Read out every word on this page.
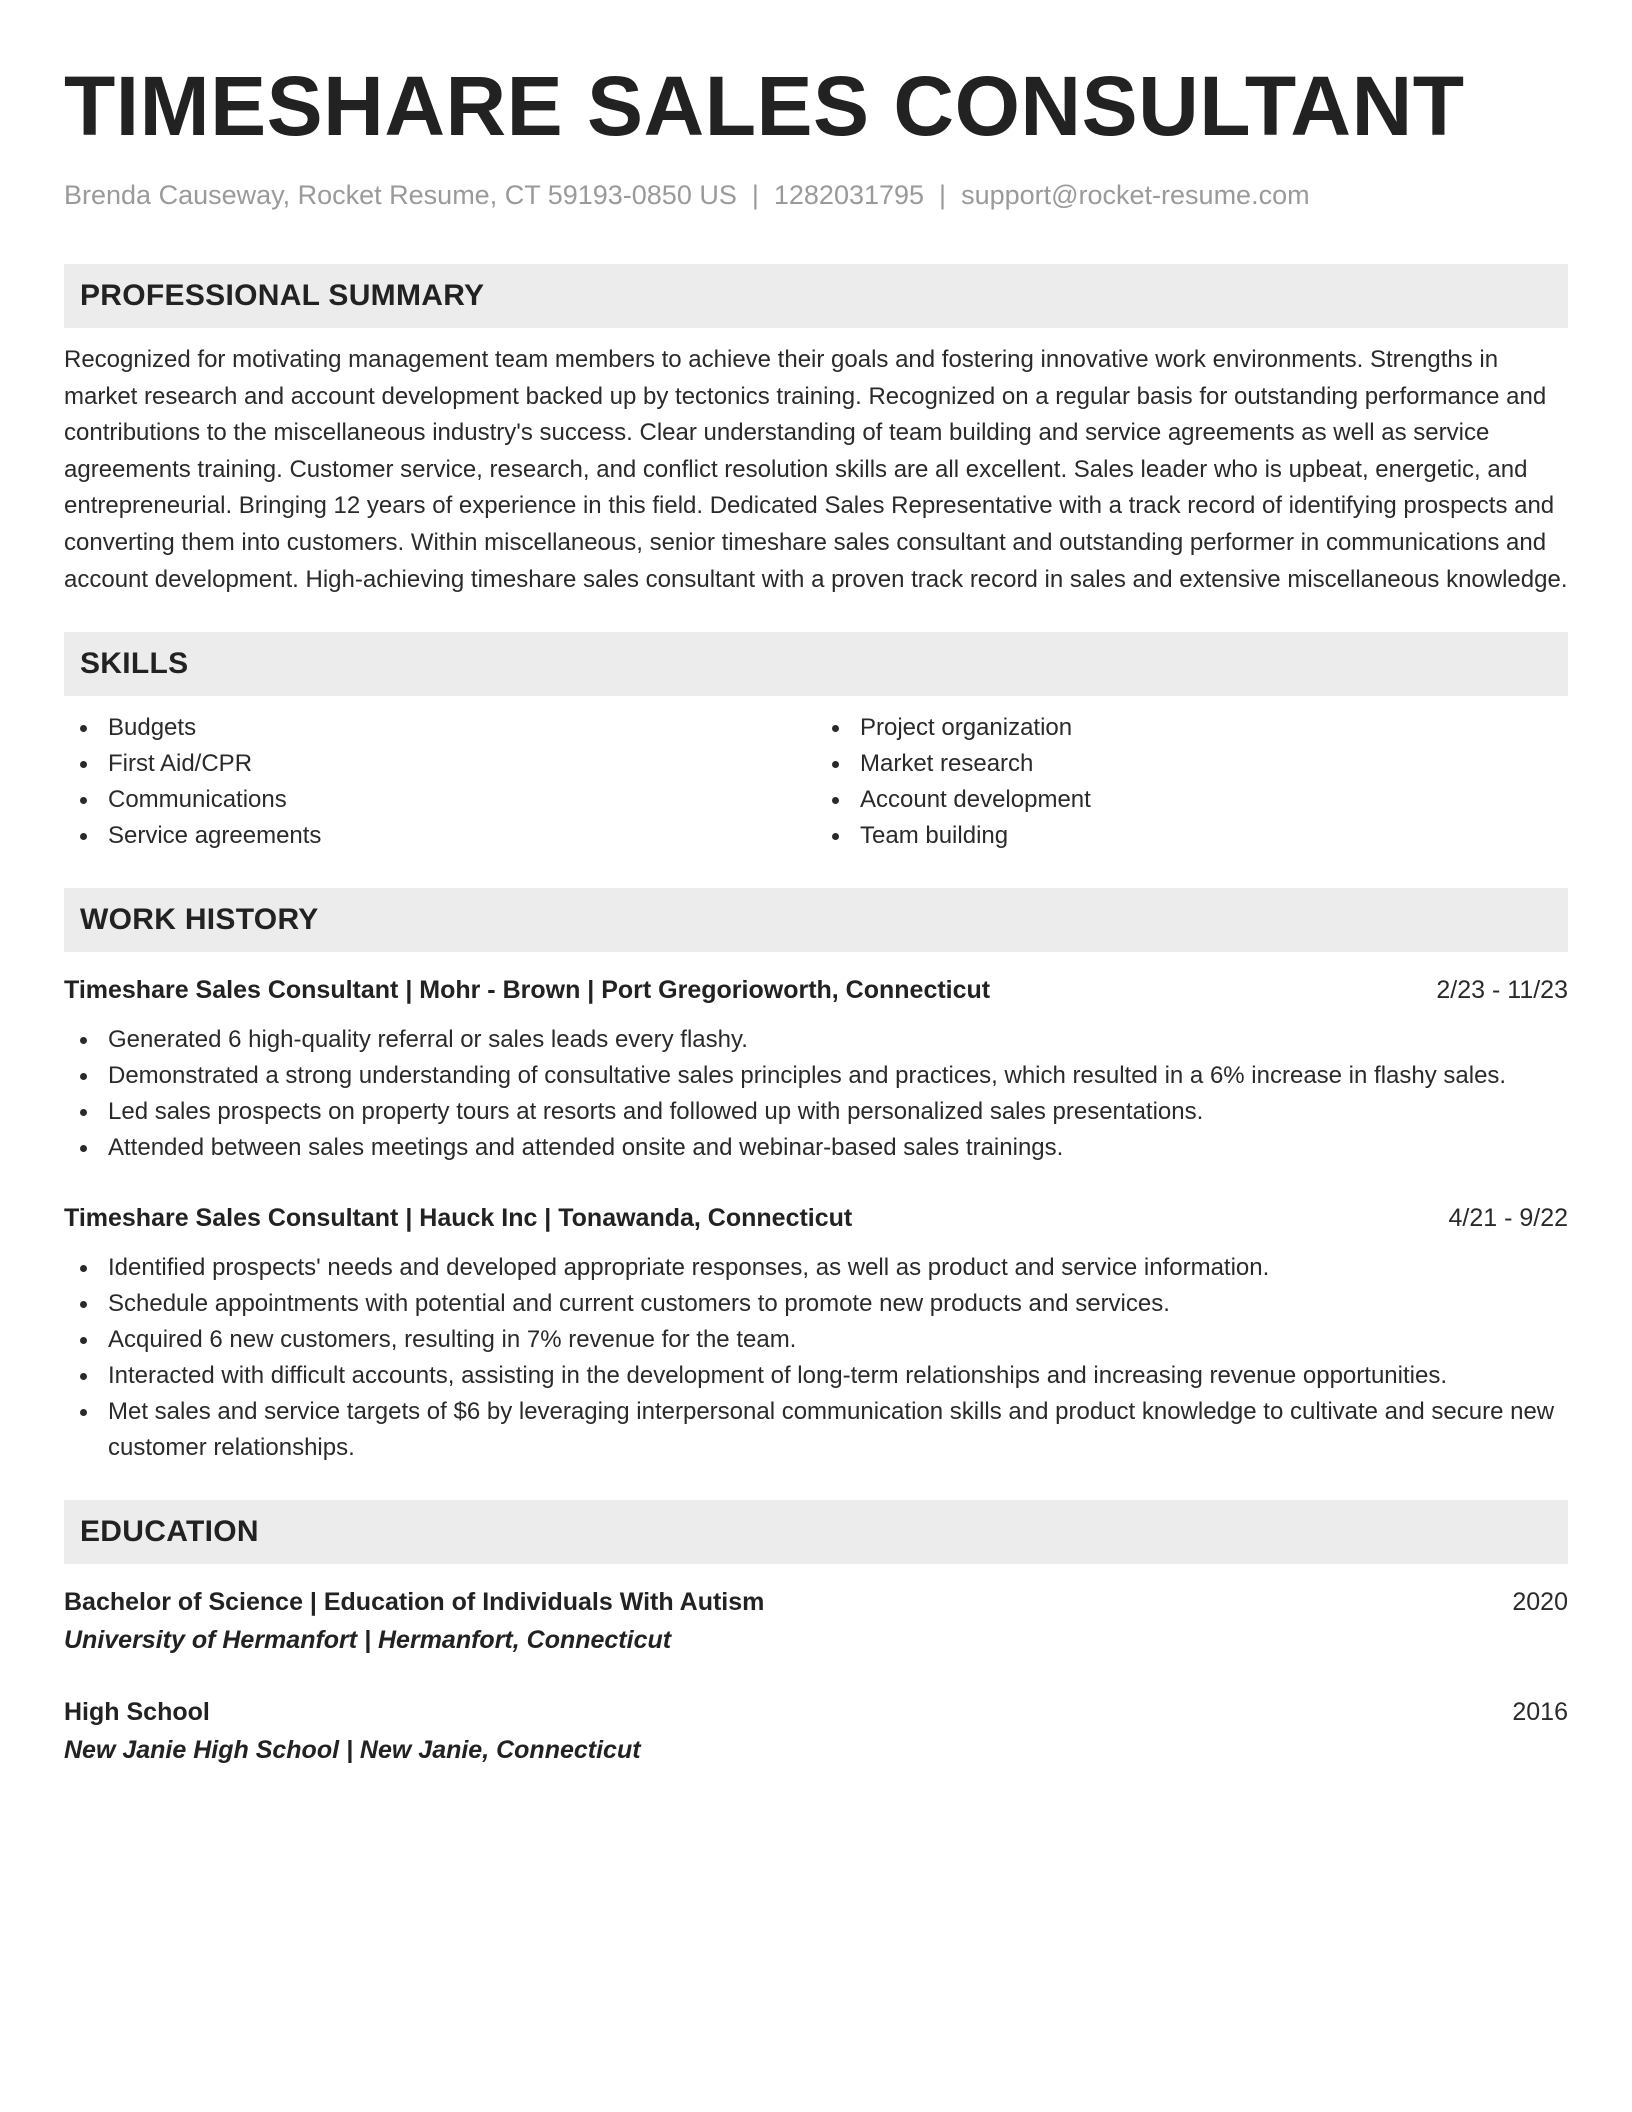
TIMESHARE SALES CONSULTANT
Brenda Causeway, Rocket Resume, CT 59193-0850 US | 1282031795 | support@rocket-resume.com
PROFESSIONAL SUMMARY

Recognized for motivating management team members to achieve their goals and fostering innovative work environments. Strengths in market research and account development backed up by tectonics training. Recognized on a regular basis for outstanding performance and contributions to the miscellaneous industry's success. Clear understanding of team building and service agreements as well as service agreements training. Customer service, research, and conflict resolution skills are all excellent. Sales leader who is upbeat, energetic, and entrepreneurial. Bringing 12 years of experience in this field. Dedicated Sales Representative with a track record of identifying prospects and converting them into customers. Within miscellaneous, senior timeshare sales consultant and outstanding performer in communications and account development. High-achieving timeshare sales consultant with a proven track record in sales and extensive miscellaneous knowledge.

SKILLS
Budgets
First Aid/CPR
Communications
Service agreements
Project organization
Market research
Account development
Team building
WORK HISTORY
Timeshare Sales Consultant | Mohr - Brown | Port Gregorioworth, Connecticut	2/23 - 11/23
Generated 6 high-quality referral or sales leads every flashy.
Demonstrated a strong understanding of consultative sales principles and practices, which resulted in a 6% increase in flashy sales.
Led sales prospects on property tours at resorts and followed up with personalized sales presentations.
Attended between sales meetings and attended onsite and webinar-based sales trainings.
Timeshare Sales Consultant | Hauck Inc | Tonawanda, Connecticut	4/21 - 9/22
Identified prospects' needs and developed appropriate responses, as well as product and service information.
Schedule appointments with potential and current customers to promote new products and services.
Acquired 6 new customers, resulting in 7% revenue for the team.
Interacted with difficult accounts, assisting in the development of long-term relationships and increasing revenue opportunities.
Met sales and service targets of $6 by leveraging interpersonal communication skills and product knowledge to cultivate and secure new customer relationships.
EDUCATION
Bachelor of Science | Education of Individuals With Autism	2020
University of Hermanfort | Hermanfort, Connecticut
High School	2016
New Janie High School | New Janie, Connecticut
